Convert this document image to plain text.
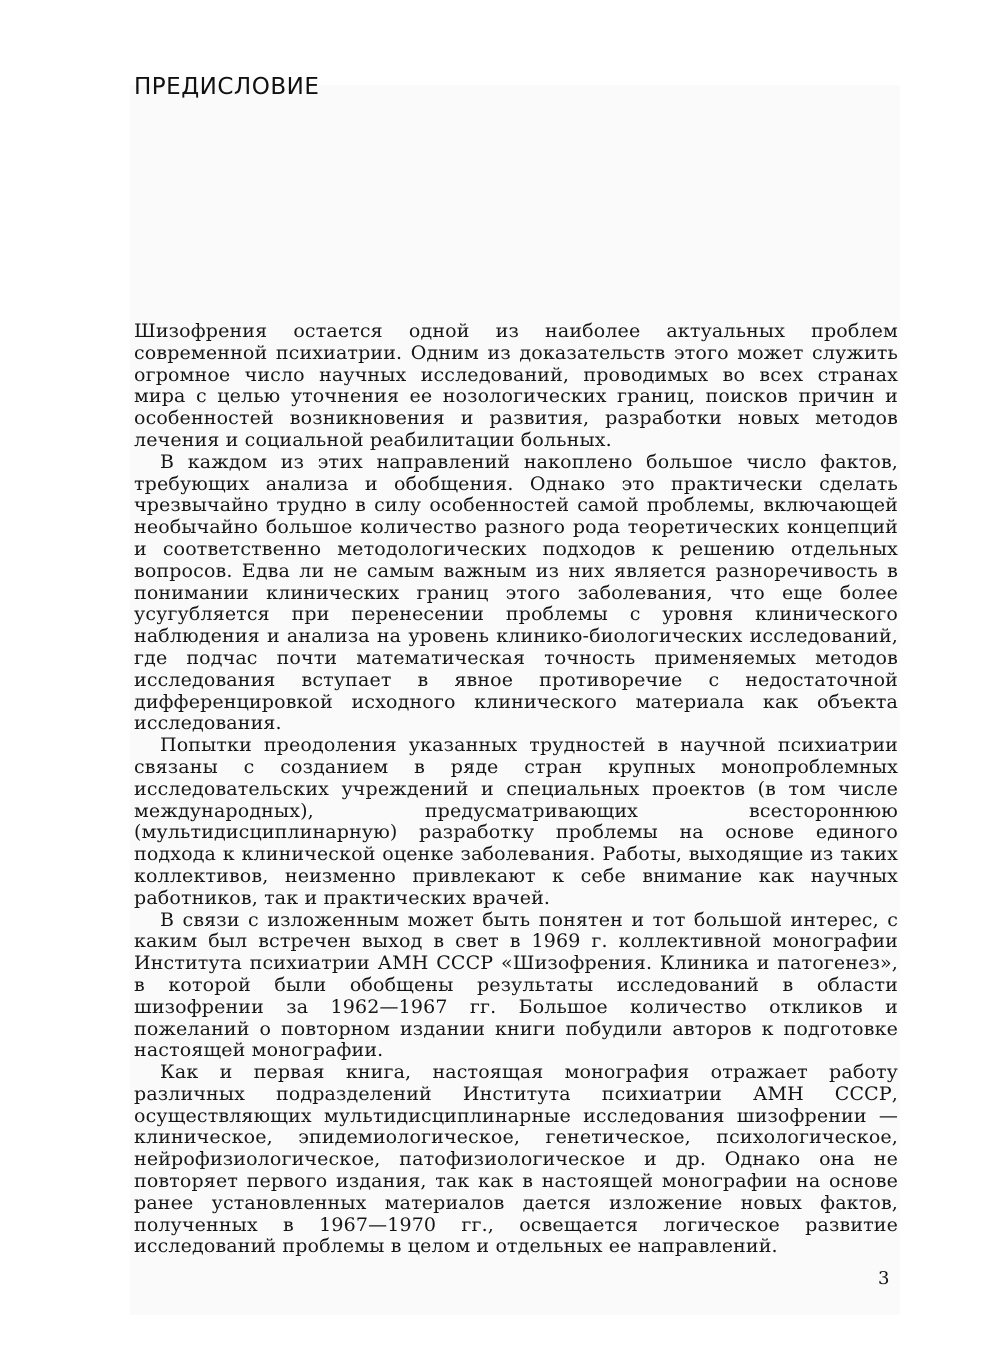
ПРЕДИСЛОВИЕ

Шизофрения остается одной из наиболее актуальных проблем современной психиатрии. Одним из доказательств этого может служить огромное число научных исследований, проводимых во всех странах мира с целью уточнения ее нозологических границ, поисков причин и особенностей возникновения и развития, разработки новых методов лечения и социальной реабилитации больных.

В каждом из этих направлений накоплено большое число фактов, требующих анализа и обобщения. Однако это практически сделать чрезвычайно трудно в силу особенностей самой проблемы, включающей необычайно большое количество разного рода теоретических концепций и соответственно методологических подходов к решению отдельных вопросов. Едва ли не самым важным из них является разноречивость в понимании клинических границ этого заболевания, что еще более усугубляется при перенесении проблемы с уровня клинического наблюдения и анализа на уровень клинико-биологических исследований, где подчас почти математическая точность применяемых методов исследования вступает в явное противоречие с недостаточной дифференцировкой исходного клинического материала как объекта исследования.

Попытки преодоления указанных трудностей в научной психиатрии связаны с созданием в ряде стран крупных монопроблемных исследовательских учреждений и специальных проектов (в том числе международных), предусматривающих всестороннюю (мультидисциплинарную) разработку проблемы на основе единого подхода к клинической оценке заболевания. Работы, выходящие из таких коллективов, неизменно привлекают к себе внимание как научных работников, так и практических врачей.

В связи с изложенным может быть понятен и тот большой интерес, с каким был встречен выход в свет в 1969 г. коллективной монографии Института психиатрии АМН СССР «Шизофрения. Клиника и патогенез», в которой были обобщены результаты исследований в области шизофрении за 1962—1967 гг. Большое количество откликов и пожеланий о повторном издании книги побудили авторов к подготовке настоящей монографии.

Как и первая книга, настоящая монография отражает работу различных подразделений Института психиатрии АМН СССР, осуществляющих мультидисциплинарные исследования шизофрении — клиническое, эпидемиологическое, генетическое, психологическое, нейрофизиологическое, патофизиологическое и др. Однако она не повторяет первого издания, так как в настоящей монографии на основе ранее установленных материалов дается изложение новых фактов, полученных в 1967—1970 гг., освещается логическое развитие исследований проблемы в целом и отдельных ее направлений.

3
